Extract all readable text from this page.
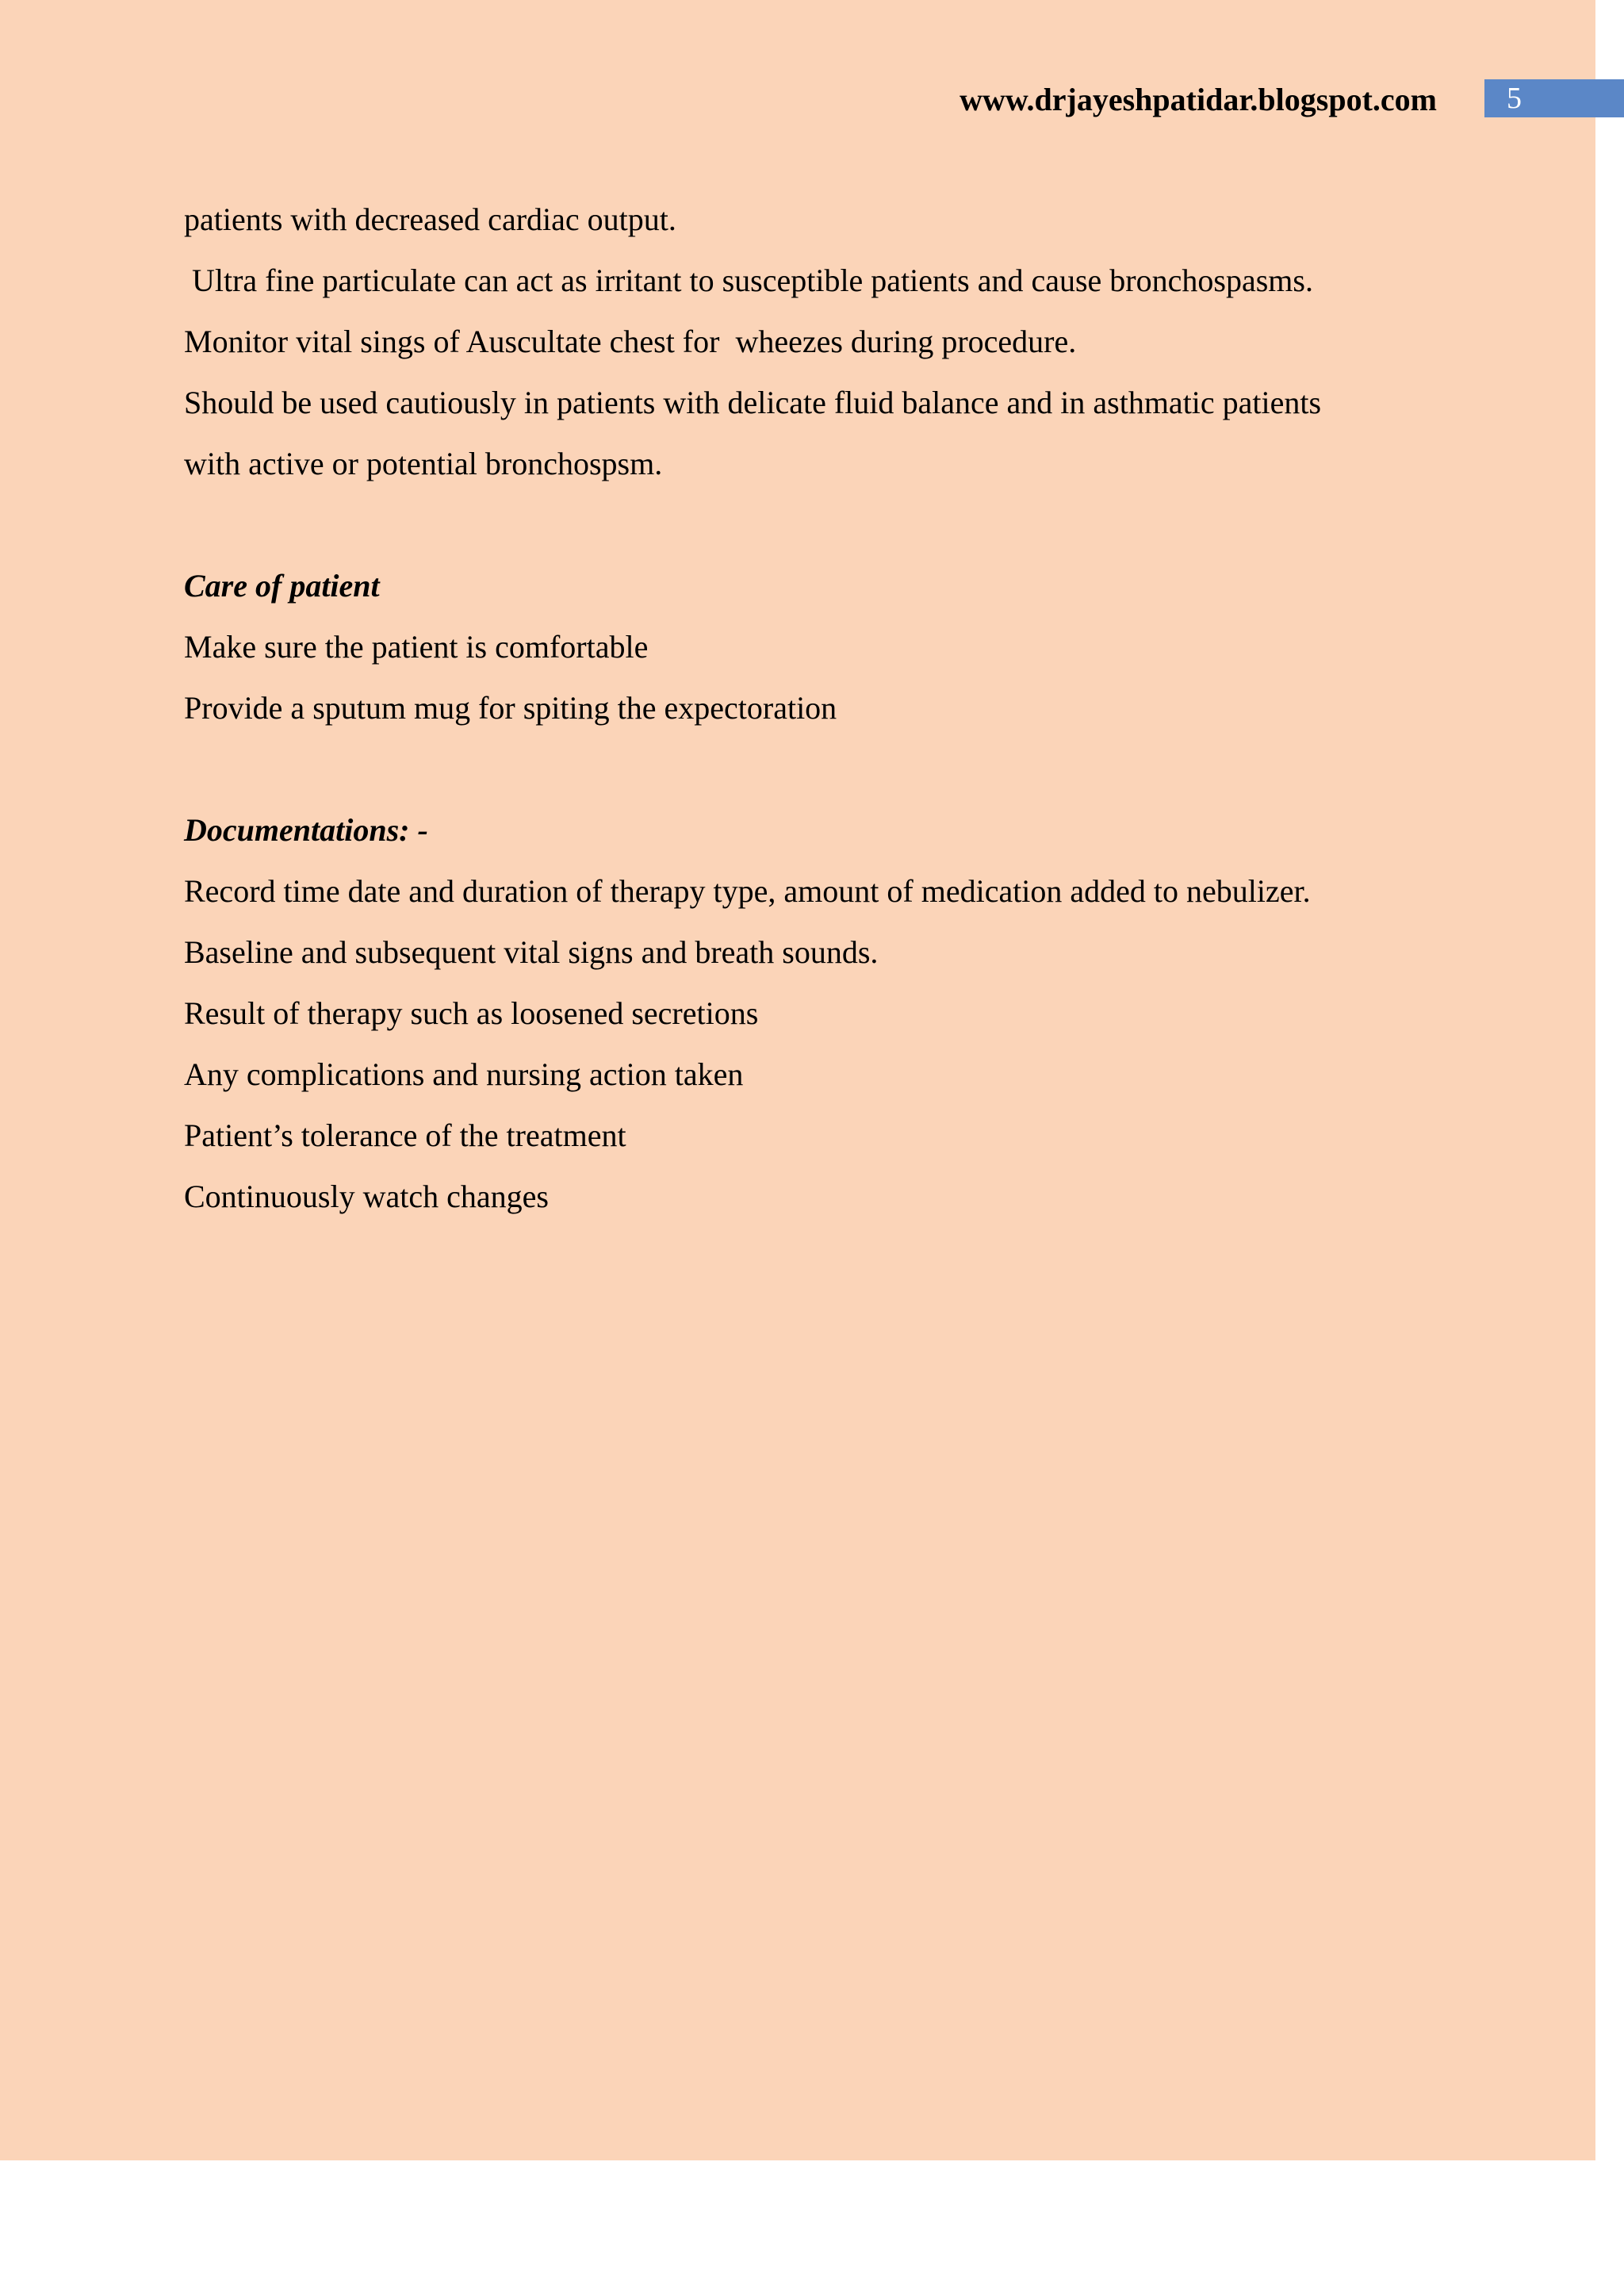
www.drjayeshpatidar.blogspot.com
patients with decreased cardiac output.
Ultra fine particulate can act as irritant to susceptible patients and cause bronchospasms.
Monitor vital sings of Auscultate chest for  wheezes during procedure.
Should be used cautiously in patients with delicate fluid balance and in asthmatic patients
with active or potential bronchospsm.
Care of patient
Make sure the patient is comfortable
Provide a sputum mug for spiting the expectoration
Documentations: -
Record time date and duration of therapy type, amount of medication added to nebulizer.
Baseline and subsequent vital signs and breath sounds.
Result of therapy such as loosened secretions
Any complications and nursing action taken
Patient’s tolerance of the treatment
Continuously watch changes
5
